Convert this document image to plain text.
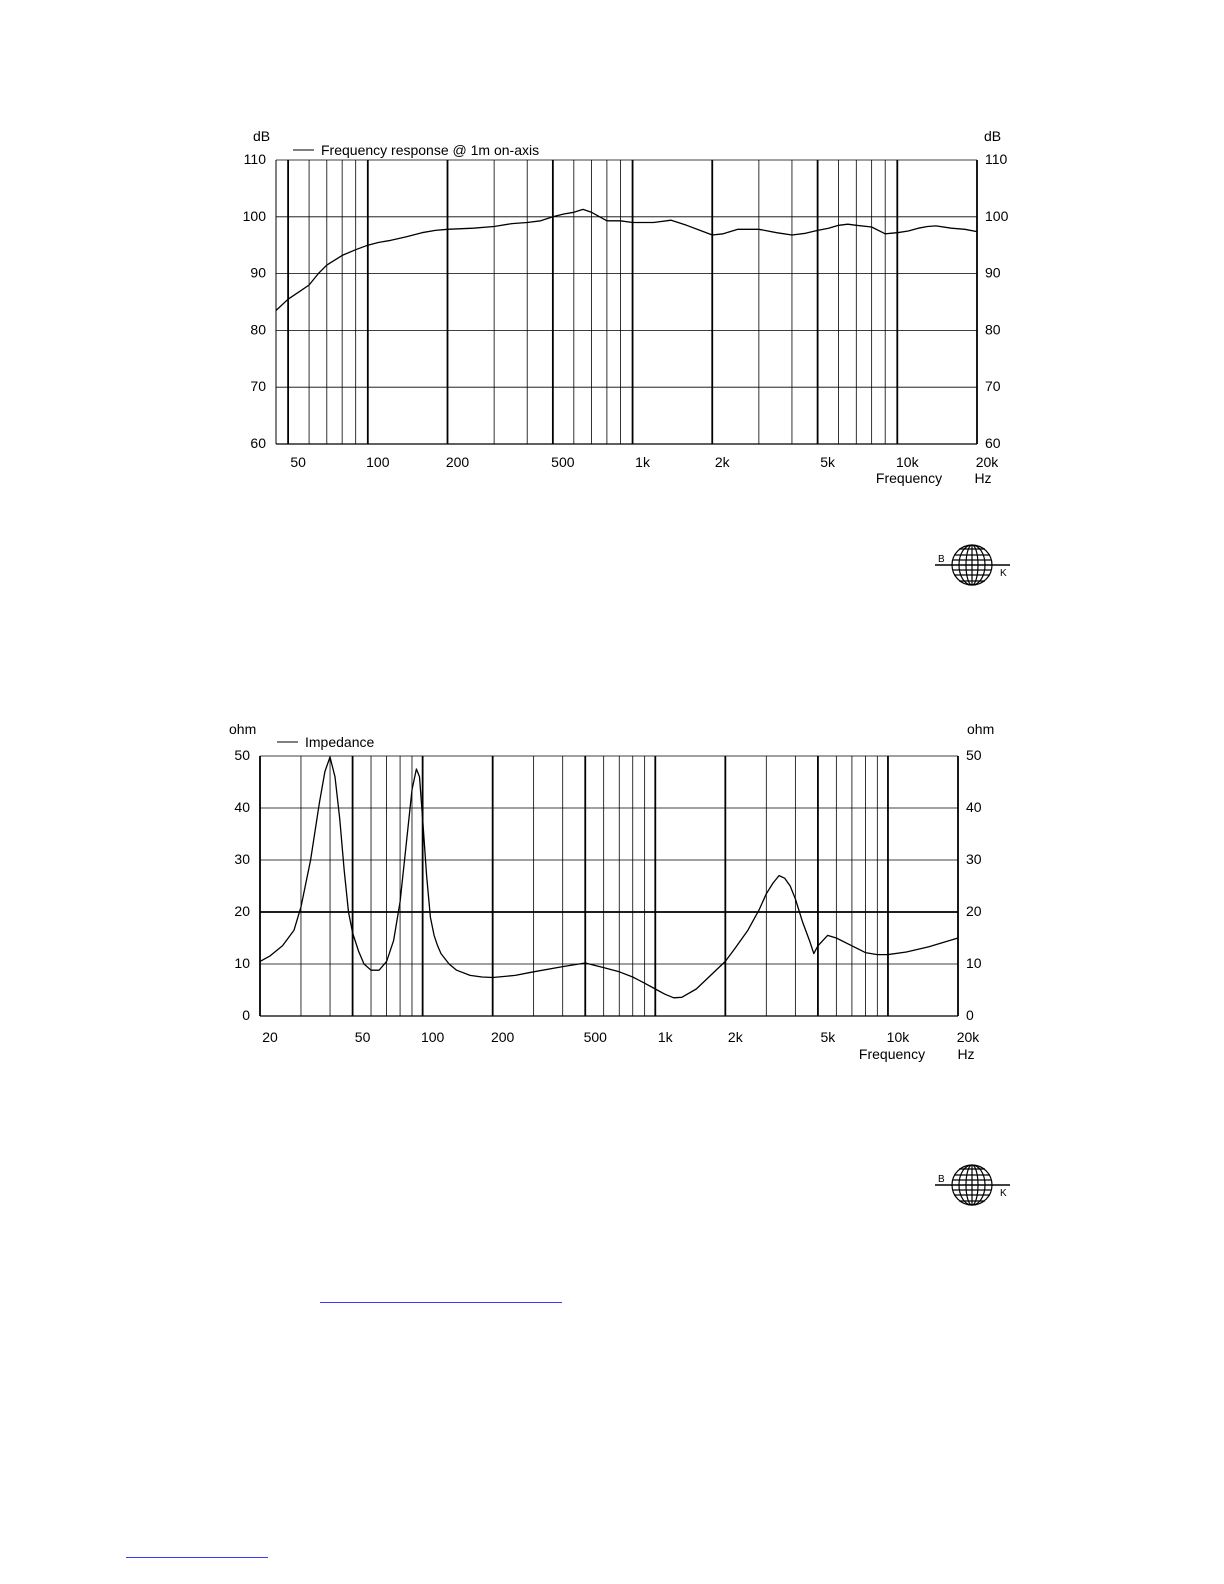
60	60
70	70
80	80
90	90
100	100
110	110
dB	dB
50	100	200	500	1k	2k	5k	10k	20k
Frequency Hz
Frequency response @ 1m on-axis
B
K
0	0
10	10
20	20
30	30
40	40
50	50
ohm	ohm
20	50	100	200	500	1k	2k	5k	10k	20k
Frequency Hz
Impedance
B
K
